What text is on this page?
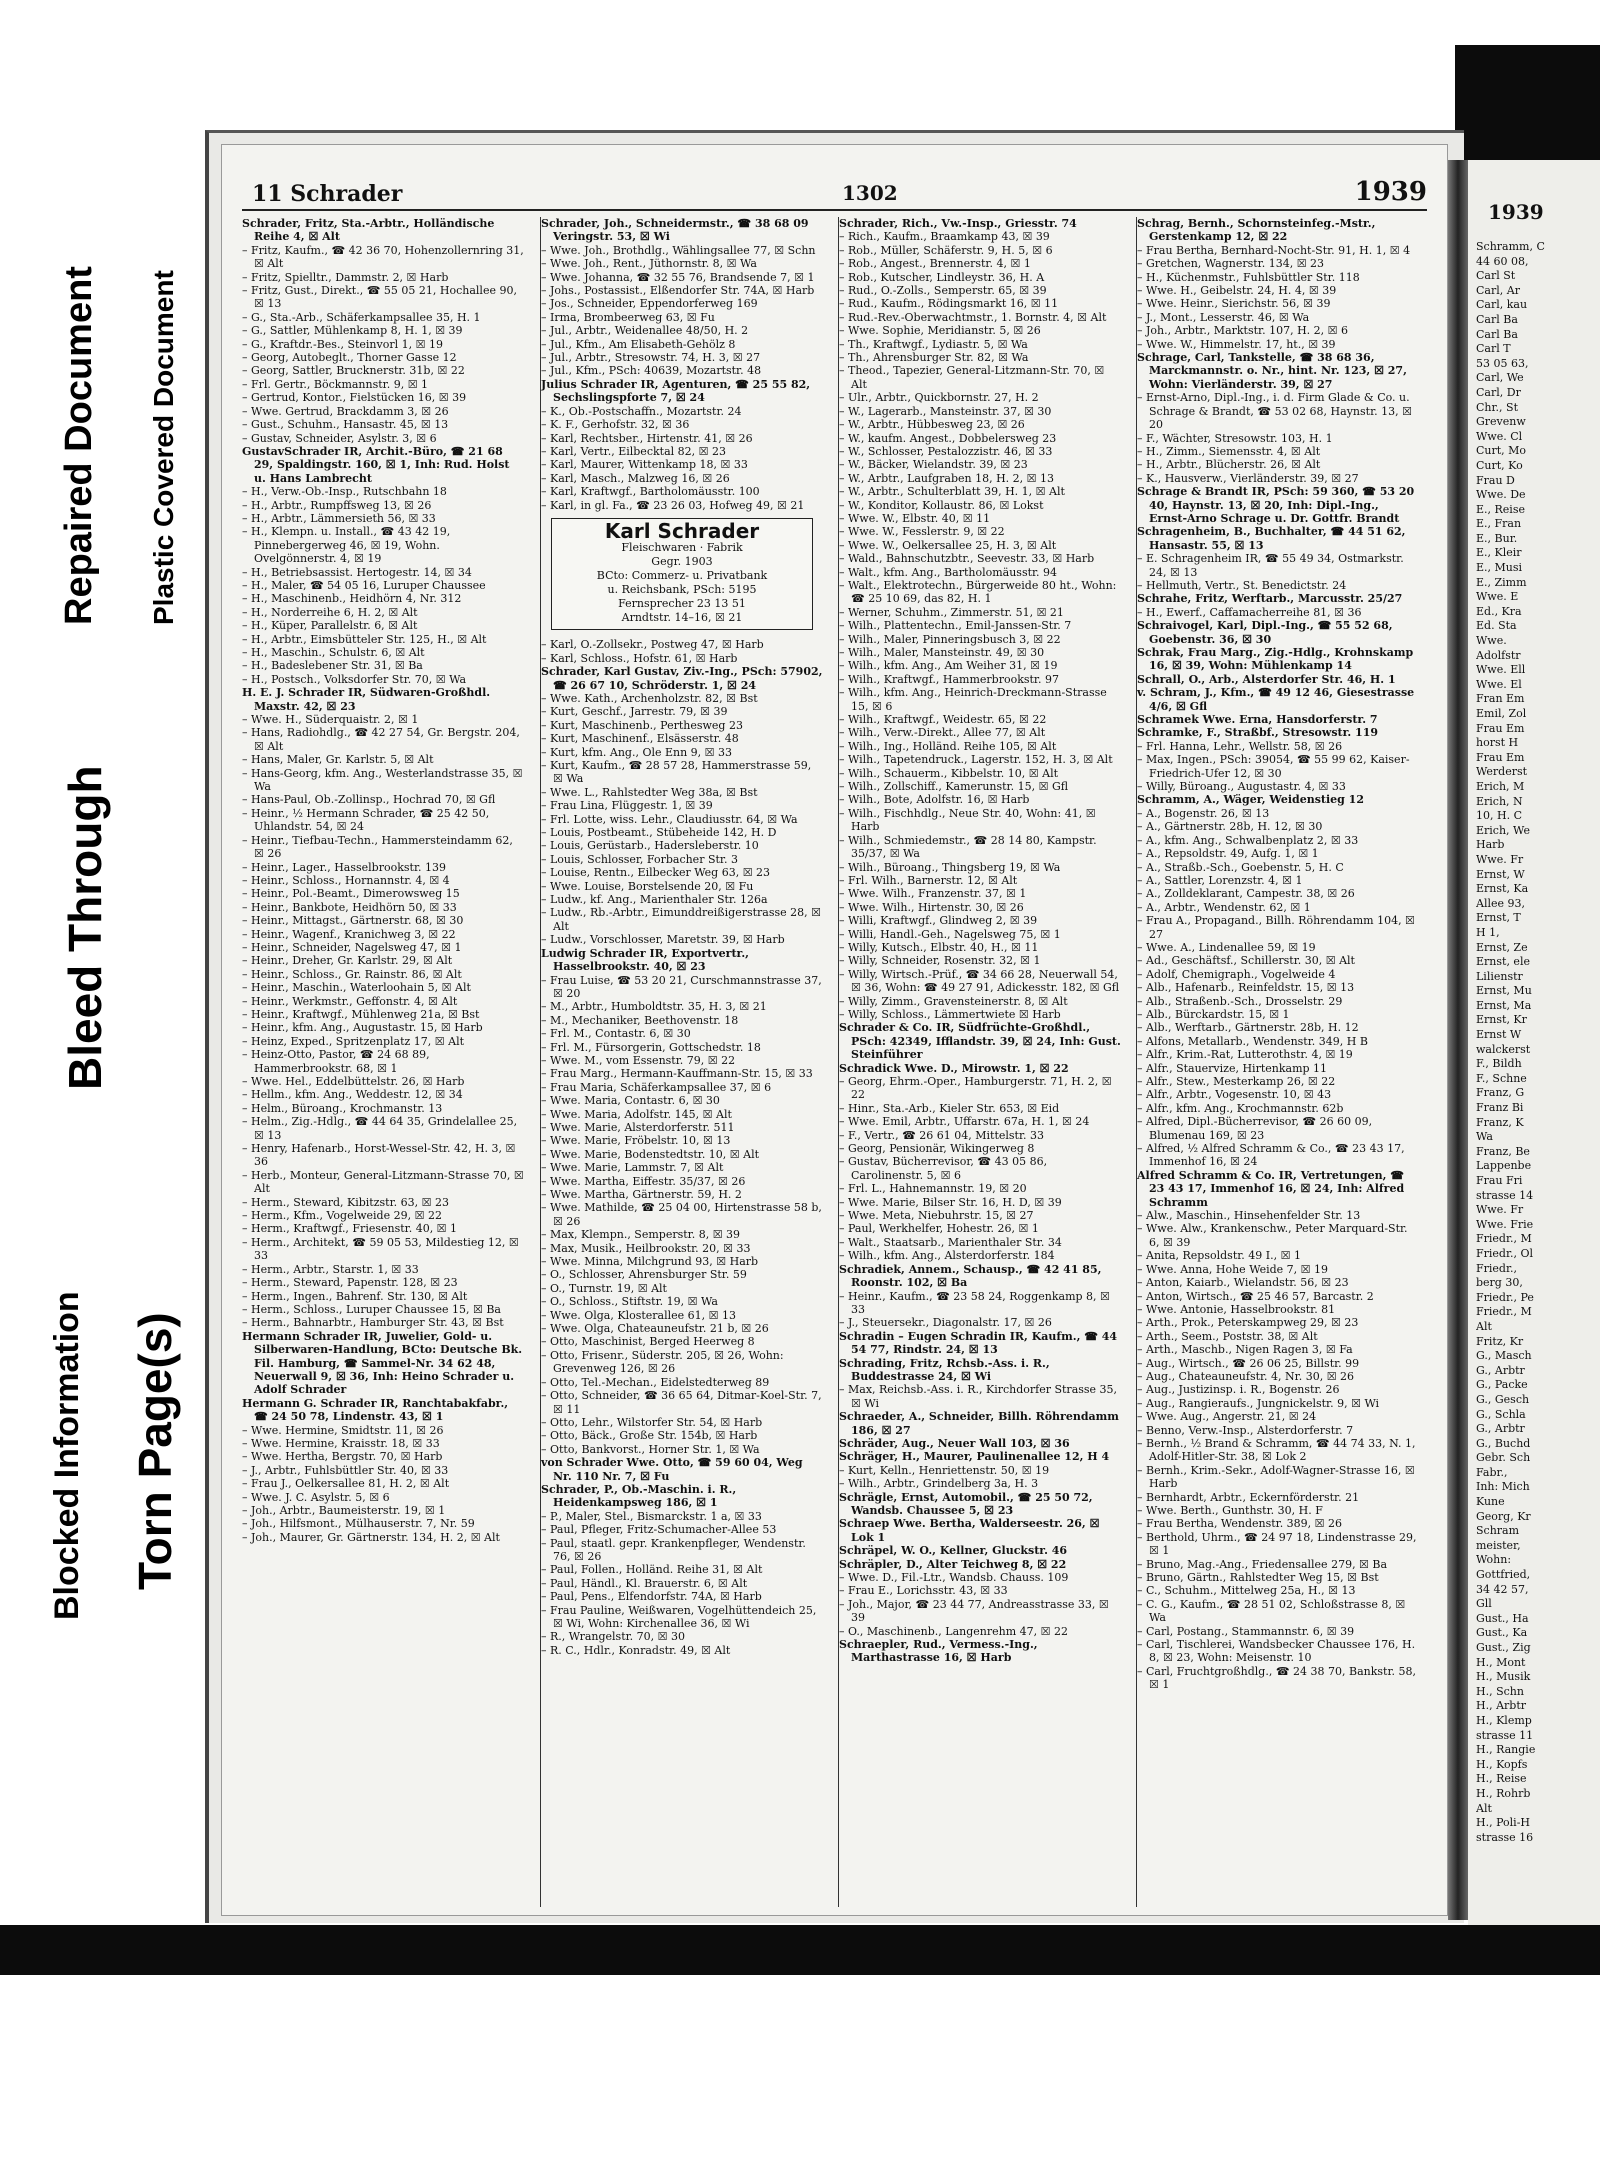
Bleed Through
Repaired Document Plastic Covered Document
Blocked Information Torn Page(s)
11 Schrader	1302	1939

Schrader, Fritz, Sta.-Arbtr., Holländische Reihe 4, ☒ Alt

– Fritz, Kaufm., ☎ 42 36 70, Hohenzollernring 31, ☒ Alt

– Fritz, Spielltr., Dammstr. 2, ☒ Harb

– Fritz, Gust., Direkt., ☎ 55 05 21, Hochallee 90, ☒ 13

– G., Sta.-Arb., Schäferkampsallee 35, H. 1

– G., Sattler, Mühlenkamp 8, H. 1, ☒ 39

– G., Kraftdr.-Bes., Steinvorl 1, ☒ 19

– Georg, Autobeglt., Thorner Gasse 12

– Georg, Sattler, Brucknerstr. 31b, ☒ 22

– Frl. Gertr., Böckmannstr. 9, ☒ 1

– Gertrud, Kontor., Fielstücken 16, ☒ 39

– Wwe. Gertrud, Brackdamm 3, ☒ 26

– Gust., Schuhm., Hansastr. 45, ☒ 13

– Gustav, Schneider, Asylstr. 3, ☒ 6

GustavSchrader IR, Archit.-Büro, ☎ 21 68 29, Spaldingstr. 160, ☒ 1, Inh: Rud. Holst u. Hans Lambrecht

– H., Verw.-Ob.-Insp., Rutschbahn 18

– H., Arbtr., Rumpffsweg 13, ☒ 26

– H., Arbtr., Lämmersieth 56, ☒ 33

– H., Klempn. u. Install., ☎ 43 42 19, Pinnebergerweg 46, ☒ 19, Wohn. Ovelgönnerstr. 4, ☒ 19

– H., Betriebsassist. Hertogestr. 14, ☒ 34

– H., Maler, ☎ 54 05 16, Luruper Chaussee

– H., Maschinenb., Heidhörn 4, Nr. 312

– H., Norderreihe 6, H. 2, ☒ Alt

– H., Küper, Parallelstr. 6, ☒ Alt

– H., Arbtr., Eimsbütteler Str. 125, H., ☒ Alt

– H., Maschin., Schulstr. 6, ☒ Alt

– H., Badeslebener Str. 31, ☒ Ba

– H., Postsch., Volksdorfer Str. 70, ☒ Wa

H. E. J. Schrader IR, Südwaren-Großhdl. Maxstr. 42, ☒ 23

– Wwe. H., Süderquaistr. 2, ☒ 1

– Hans, Radiohdlg., ☎ 42 27 54, Gr. Bergstr. 204, ☒ Alt

– Hans, Maler, Gr. Karlstr. 5, ☒ Alt

– Hans-Georg, kfm. Ang., Westerlandstrasse 35, ☒ Wa

– Hans-Paul, Ob.-Zollinsp., Hochrad 70, ☒ Gfl

– Heinr., ½ Hermann Schrader, ☎ 25 42 50, Uhlandstr. 54, ☒ 24

– Heinr., Tiefbau-Techn., Hammersteindamm 62, ☒ 26

– Heinr., Lager., Hasselbrookstr. 139

– Heinr., Schloss., Hornannstr. 4, ☒ 4

– Heinr., Pol.-Beamt., Dimerowsweg 15

– Heinr., Bankbote, Heidhörn 50, ☒ 33

– Heinr., Mittagst., Gärtnerstr. 68, ☒ 30

– Heinr., Wagenf., Kranichweg 3, ☒ 22

– Heinr., Schneider, Nagelsweg 47, ☒ 1

– Heinr., Dreher, Gr. Karlstr. 29, ☒ Alt

– Heinr., Schloss., Gr. Rainstr. 86, ☒ Alt

– Heinr., Maschin., Waterloohain 5, ☒ Alt

– Heinr., Werkmstr., Geffonstr. 4, ☒ Alt

– Heinr., Kraftwgf., Mühlenweg 21a, ☒ Bst

– Heinr., kfm. Ang., Augustastr. 15, ☒ Harb

– Heinz, Exped., Spritzenplatz 17, ☒ Alt

– Heinz-Otto, Pastor, ☎ 24 68 89, Hammerbrookstr. 68, ☒ 1

– Wwe. Hel., Eddelbüttelstr. 26, ☒ Harb

– Hellm., kfm. Ang., Weddestr. 12, ☒ 34

– Helm., Büroang., Krochmanstr. 13

– Helm., Zig.-Hdlg., ☎ 44 64 35, Grindelallee 25, ☒ 13

– Henry, Hafenarb., Horst-Wessel-Str. 42, H. 3, ☒ 36

– Herb., Monteur, General-Litzmann-Strasse 70, ☒ Alt

– Herm., Steward, Kibitzstr. 63, ☒ 23

– Herm., Kfm., Vogelweide 29, ☒ 22

– Herm., Kraftwgf., Friesenstr. 40, ☒ 1

– Herm., Architekt, ☎ 59 05 53, Mildestieg 12, ☒ 33

– Herm., Arbtr., Starstr. 1, ☒ 33

– Herm., Steward, Papenstr. 128, ☒ 23

– Herm., Ingen., Bahrenf. Str. 130, ☒ Alt

– Herm., Schloss., Luruper Chaussee 15, ☒ Ba

– Herm., Bahnarbtr., Hamburger Str. 43, ☒ Bst

Hermann Schrader IR, Juwelier, Gold- u. Silberwaren-Handlung, BCto: Deutsche Bk. Fil. Hamburg, ☎ Sammel-Nr. 34 62 48, Neuerwall 9, ☒ 36, Inh: Heino Schrader u. Adolf Schrader

Hermann G. Schrader IR, Ranchtabakfabr., ☎ 24 50 78, Lindenstr. 43, ☒ 1

– Wwe. Hermine, Smidtstr. 11, ☒ 26

– Wwe. Hermine, Kraisstr. 18, ☒ 33

– Wwe. Hertha, Bergstr. 70, ☒ Harb

– J., Arbtr., Fuhlsbüttler Str. 40, ☒ 33

– Frau J., Oelkersallee 81, H. 2, ☒ Alt

– Wwe. J. C. Asylstr. 5, ☒ 6

– Joh., Arbtr., Baumeisterstr. 19, ☒ 1

– Joh., Hilfsmont., Mülhauserstr. 7, Nr. 59

– Joh., Maurer, Gr. Gärtnerstr. 134, H. 2, ☒ Alt

Schrader, Joh., Schneidermstr., ☎ 38 68 09 Veringstr. 53, ☒ Wi

– Wwe. Joh., Brothdlg., Wählingsallee 77, ☒ Schn

– Wwe. Joh., Rent., Jüthornstr. 8, ☒ Wa

– Wwe. Johanna, ☎ 32 55 76, Brandsende 7, ☒ 1

– Johs., Postassist., Elßendorfer Str. 74A, ☒ Harb

– Jos., Schneider, Eppendorferweg 169

– Irma, Brombeerweg 63, ☒ Fu

– Jul., Arbtr., Weidenallee 48/50, H. 2

– Jul., Kfm., Am Elisabeth-Gehölz 8

– Jul., Arbtr., Stresowstr. 74, H. 3, ☒ 27

– Jul., Kfm., PSch: 40639, Mozartstr. 48

Julius Schrader IR, Agenturen, ☎ 25 55 82, Sechslingspforte 7, ☒ 24

– K., Ob.-Postschaffn., Mozartstr. 24

– K. F., Gerhofstr. 32, ☒ 36

– Karl, Rechtsber., Hirtenstr. 41, ☒ 26

– Karl, Vertr., Eilbecktal 82, ☒ 23

– Karl, Maurer, Wittenkamp 18, ☒ 33

– Karl, Masch., Malzweg 16, ☒ 26

– Karl, Kraftwgf., Bartholomäusstr. 100

– Karl, in gl. Fa., ☎ 23 26 03, Hofweg 49, ☒ 21

Karl Schrader
Fleischwaren · Fabrik
Gegr. 1903
BCto: Commerz- u. Privatbank
u. Reichsbank, PSch: 5195
Fernsprecher 23 13 51
Arndtstr. 14–16, ☒ 21

– Karl, O.-Zollsekr., Postweg 47, ☒ Harb

– Karl, Schloss., Hofstr. 61, ☒ Harb

Schrader, Karl Gustav, Ziv.-Ing., PSch: 57902, ☎ 26 67 10, Schröderstr. 1, ☒ 24

– Wwe. Kath., Archenholzstr. 82, ☒ Bst

– Kurt, Geschf., Jarrestr. 79, ☒ 39

– Kurt, Maschinenb., Perthesweg 23

– Kurt, Maschinenf., Elsässerstr. 48

– Kurt, kfm. Ang., Ole Enn 9, ☒ 33

– Kurt, Kaufm., ☎ 28 57 28, Hammerstrasse 59, ☒ Wa

– Wwe. L., Rahlstedter Weg 38a, ☒ Bst

– Frau Lina, Flüggestr. 1, ☒ 39

– Frl. Lotte, wiss. Lehr., Claudiusstr. 64, ☒ Wa

– Louis, Postbeamt., Stübeheide 142, H. D

– Louis, Gerüstarb., Hadersleberstr. 10

– Louis, Schlosser, Forbacher Str. 3

– Louise, Rentn., Eilbecker Weg 63, ☒ 23

– Wwe. Louise, Borstelsende 20, ☒ Fu

– Ludw., kf. Ang., Marienthaler Str. 126a

– Ludw., Rb.-Arbtr., Eimunddreißigerstrasse 28, ☒ Alt

– Ludw., Vorschlosser, Maretstr. 39, ☒ Harb

Ludwig Schrader IR, Exportvertr., Hasselbrookstr. 40, ☒ 23

– Frau Luise, ☎ 53 20 21, Curschmannstrasse 37, ☒ 20

– M., Arbtr., Humboldtstr. 35, H. 3, ☒ 21

– M., Mechaniker, Beethovenstr. 18

– Frl. M., Contastr. 6, ☒ 30

– Frl. M., Fürsorgerin, Gottschedstr. 18

– Wwe. M., vom Essenstr. 79, ☒ 22

– Frau Marg., Hermann-Kauffmann-Str. 15, ☒ 33

– Frau Maria, Schäferkampsallee 37, ☒ 6

– Wwe. Maria, Contastr. 6, ☒ 30

– Wwe. Maria, Adolfstr. 145, ☒ Alt

– Wwe. Marie, Alsterdorferstr. 511

– Wwe. Marie, Fröbelstr. 10, ☒ 13

– Wwe. Marie, Bodenstedtstr. 10, ☒ Alt

– Wwe. Marie, Lammstr. 7, ☒ Alt

– Wwe. Martha, Eiffestr. 35/37, ☒ 26

– Wwe. Martha, Gärtnerstr. 59, H. 2

– Wwe. Mathilde, ☎ 25 04 00, Hirtenstrasse 58 b, ☒ 26

– Max, Klempn., Semperstr. 8, ☒ 39

– Max, Musik., Heilbrookstr. 20, ☒ 33

– Wwe. Minna, Milchgrund 93, ☒ Harb

– O., Schlosser, Ahrensburger Str. 59

– O., Turnstr. 19, ☒ Alt

– O., Schloss., Stiftstr. 19, ☒ Wa

– Wwe. Olga, Klosterallee 61, ☒ 13

– Wwe. Olga, Chateauneufstr. 21 b, ☒ 26

– Otto, Maschinist, Berged Heerweg 8

– Otto, Frisenr., Süderstr. 205, ☒ 26, Wohn: Grevenweg 126, ☒ 26

– Otto, Tel.-Mechan., Eidelstedterweg 89

– Otto, Schneider, ☎ 36 65 64, Ditmar-Koel-Str. 7, ☒ 11

– Otto, Lehr., Wilstorfer Str. 54, ☒ Harb

– Otto, Bäck., Große Str. 154b, ☒ Harb

– Otto, Bankvorst., Horner Str. 1, ☒ Wa

von Schrader Wwe. Otto, ☎ 59 60 04, Weg Nr. 110 Nr. 7, ☒ Fu

Schrader, P., Ob.-Maschin. i. R., Heidenkampsweg 186, ☒ 1

– P., Maler, Stel., Bismarckstr. 1 a, ☒ 33

– Paul, Pfleger, Fritz-Schumacher-Allee 53

– Paul, staatl. gepr. Krankenpfleger, Wendenstr. 76, ☒ 26

– Paul, Follen., Holländ. Reihe 31, ☒ Alt

– Paul, Händl., Kl. Brauerstr. 6, ☒ Alt

– Paul, Pens., Elfendorfstr. 74A, ☒ Harb

– Frau Pauline, Weißwaren, Vogelhüttendeich 25, ☒ Wi, Wohn: Kirchenallee 36, ☒ Wi

– R., Wrangelstr. 70, ☒ 30

– R. C., Hdlr., Konradstr. 49, ☒ Alt

Schrader, Rich., Vw.-Insp., Griesstr. 74

– Rich., Kaufm., Braamkamp 43, ☒ 39

– Rob., Müller, Schäferstr. 9, H. 5, ☒ 6

– Rob., Angest., Brennerstr. 4, ☒ 1

– Rob., Kutscher, Lindleystr. 36, H. A

– Rud., O.-Zolls., Semperstr. 65, ☒ 39

– Rud., Kaufm., Rödingsmarkt 16, ☒ 11

– Rud.-Rev.-Oberwachtmstr., 1. Bornstr. 4, ☒ Alt

– Wwe. Sophie, Meridianstr. 5, ☒ 26

– Th., Kraftwgf., Lydiastr. 5, ☒ Wa

– Th., Ahrensburger Str. 82, ☒ Wa

– Theod., Tapezier, General-Litzmann-Str. 70, ☒ Alt

– Ulr., Arbtr., Quickbornstr. 27, H. 2

– W., Lagerarb., Mansteinstr. 37, ☒ 30

– W., Arbtr., Hübbesweg 23, ☒ 26

– W., kaufm. Angest., Dobbelersweg 23

– W., Schlosser, Pestalozzistr. 46, ☒ 33

– W., Bäcker, Wielandstr. 39, ☒ 23

– W., Arbtr., Laufgraben 18, H. 2, ☒ 13

– W., Arbtr., Schulterblatt 39, H. 1, ☒ Alt

– W., Konditor, Kollaustr. 86, ☒ Lokst

– Wwe. W., Elbstr. 40, ☒ 11

– Wwe. W., Fesslerstr. 9, ☒ 22

– Wwe. W., Oelkersallee 25, H. 3, ☒ Alt

– Wald., Bahnschutzbtr., Seevestr. 33, ☒ Harb

– Walt., kfm. Ang., Bartholomäusstr. 94

– Walt., Elektrotechn., Bürgerweide 80 ht., Wohn: ☎ 25 10 69, das 82, H. 1

– Werner, Schuhm., Zimmerstr. 51, ☒ 21

– Wilh., Plattentechn., Emil-Janssen-Str. 7

– Wilh., Maler, Pinneringsbusch 3, ☒ 22

– Wilh., Maler, Mansteinstr. 49, ☒ 30

– Wilh., kfm. Ang., Am Weiher 31, ☒ 19

– Wilh., Kraftwgf., Hammerbrookstr. 97

– Wilh., kfm. Ang., Heinrich-Dreckmann-Strasse 15, ☒ 6

– Wilh., Kraftwgf., Weidestr. 65, ☒ 22

– Wilh., Verw.-Direkt., Allee 77, ☒ Alt

– Wilh., Ing., Holländ. Reihe 105, ☒ Alt

– Wilh., Tapetendruck., Lagerstr. 152, H. 3, ☒ Alt

– Wilh., Schauerm., Kibbelstr. 10, ☒ Alt

– Wilh., Zollschiff., Kamerunstr. 15, ☒ Gfl

– Wilh., Bote, Adolfstr. 16, ☒ Harb

– Wilh., Fischhdlg., Neue Str. 40, Wohn: 41, ☒ Harb

– Wilh., Schmiedemstr., ☎ 28 14 80, Kampstr. 35/37, ☒ Wa

– Wilh., Büroang., Thingsberg 19, ☒ Wa

– Frl. Wilh., Barnerstr. 12, ☒ Alt

– Wwe. Wilh., Franzenstr. 37, ☒ 1

– Wwe. Wilh., Hirtenstr. 30, ☒ 26

– Willi, Kraftwgf., Glindweg 2, ☒ 39

– Willi, Handl.-Geh., Nagelsweg 75, ☒ 1

– Willy, Kutsch., Elbstr. 40, H., ☒ 11

– Willy, Schneider, Rosenstr. 32, ☒ 1

– Willy, Wirtsch.-Prüf., ☎ 34 66 28, Neuerwall 54, ☒ 36, Wohn: ☎ 49 27 91, Adickesstr. 182, ☒ Gfl

– Willy, Zimm., Gravensteinerstr. 8, ☒ Alt

– Willy, Schloss., Lämmertwiete ☒ Harb

Schrader & Co. IR, Südfrüchte-Großhdl., PSch: 42349, Ifflandstr. 39, ☒ 24, Inh: Gust. Steinführer

Schradick Wwe. D., Mirowstr. 1, ☒ 22

– Georg, Ehrm.-Oper., Hamburgerstr. 71, H. 2, ☒ 22

– Hinr., Sta.-Arb., Kieler Str. 653, ☒ Eid

– Wwe. Emil, Arbtr., Uffarstr. 67a, H. 1, ☒ 24

– F., Vertr., ☎ 26 61 04, Mittelstr. 33

– Georg, Pensionär, Wikingerweg 8

– Gustav, Bücherrevisor, ☎ 43 05 86, Carolinenstr. 5, ☒ 6

– Frl. L., Hahnemannstr. 19, ☒ 20

– Wwe. Marie, Bilser Str. 16, H. D, ☒ 39

– Wwe. Meta, Niebuhrstr. 15, ☒ 27

– Paul, Werkhelfer, Hohestr. 26, ☒ 1

– Walt., Staatsarb., Marienthaler Str. 34

– Wilh., kfm. Ang., Alsterdorferstr. 184

Schradiek, Annem., Schausp., ☎ 42 41 85, Roonstr. 102, ☒ Ba

– Heinr., Kaufm., ☎ 23 58 24, Roggenkamp 8, ☒ 33

– J., Steuersekr., Diagonalstr. 17, ☒ 26

Schradin – Eugen Schradin IR, Kaufm., ☎ 44 54 77, Rindstr. 24, ☒ 13

Schrading, Fritz, Rchsb.-Ass. i. R., Buddestrasse 24, ☒ Wi

– Max, Reichsb.-Ass. i. R., Kirchdorfer Strasse 35, ☒ Wi

Schraeder, A., Schneider, Billh. Röhrendamm 186, ☒ 27

Schräder, Aug., Neuer Wall 103, ☒ 36

Schräger, H., Maurer, Paulinenallee 12, H 4

– Kurt, Kelln., Henriettenstr. 50, ☒ 19

– Wilh., Arbtr., Grindelberg 3a, H. 3

Schrägle, Ernst, Automobil., ☎ 25 50 72, Wandsb. Chaussee 5, ☒ 23

Schraep Wwe. Bertha, Walderseestr. 26, ☒ Lok 1

Schräpel, W. O., Kellner, Gluckstr. 46

Schräpler, D., Alter Teichweg 8, ☒ 22

– Wwe. D., Fil.-Ltr., Wandsb. Chauss. 109

– Frau E., Lorichsstr. 43, ☒ 33

– Joh., Major, ☎ 23 44 77, Andreasstrasse 33, ☒ 39

– O., Maschinenb., Langenrehm 47, ☒ 22

Schraepler, Rud., Vermess.-Ing., Marthastrasse 16, ☒ Harb

Schrag, Bernh., Schornsteinfeg.-Mstr., Gerstenkamp 12, ☒ 22

– Frau Bertha, Bernhard-Nocht-Str. 91, H. 1, ☒ 4

– Gretchen, Wagnerstr. 134, ☒ 23

– H., Küchenmstr., Fuhlsbüttler Str. 118

– Wwe. H., Geibelstr. 24, H. 4, ☒ 39

– Wwe. Heinr., Sierichstr. 56, ☒ 39

– J., Mont., Lesserstr. 46, ☒ Wa

– Joh., Arbtr., Marktstr. 107, H. 2, ☒ 6

– Wwe. W., Himmelstr. 17, ht., ☒ 39

Schrage, Carl, Tankstelle, ☎ 38 68 36, Marckmannstr. o. Nr., hint. Nr. 123, ☒ 27, Wohn: Vierländerstr. 39, ☒ 27

– Ernst-Arno, Dipl.-Ing., i. d. Firm Glade & Co. u. Schrage & Brandt, ☎ 53 02 68, Haynstr. 13, ☒ 20

– F., Wächter, Stresowstr. 103, H. 1

– H., Zimm., Siemensstr. 4, ☒ Alt

– H., Arbtr., Blücherstr. 26, ☒ Alt

– K., Hausverw., Vierländerstr. 39, ☒ 27

Schrage & Brandt IR, PSch: 59 360, ☎ 53 20 40, Haynstr. 13, ☒ 20, Inh: Dipl.-Ing., Ernst-Arno Schrage u. Dr. Gottfr. Brandt

Schragenheim, B., Buchhalter, ☎ 44 51 62, Hansastr. 55, ☒ 13

– E. Schragenheim IR, ☎ 55 49 34, Ostmarkstr. 24, ☒ 13

– Hellmuth, Vertr., St. Benedictstr. 24

Schrahe, Fritz, Werftarb., Marcusstr. 25/27

– H., Ewerf., Caffamacherreihe 81, ☒ 36

Schraivogel, Karl, Dipl.-Ing., ☎ 55 52 68, Goebenstr. 36, ☒ 30

Schrak, Frau Marg., Zig.-Hdlg., Krohnskamp 16, ☒ 39, Wohn: Mühlenkamp 14

Schrall, O., Arb., Alsterdorfer Str. 46, H. 1

v. Schram, J., Kfm., ☎ 49 12 46, Giesestrasse 4/6, ☒ Gfl

Schramek Wwe. Erna, Hansdorferstr. 7

Schramke, F., Straßbf., Stresowstr. 119

– Frl. Hanna, Lehr., Wellstr. 58, ☒ 26

– Max, Ingen., PSch: 39054, ☎ 55 99 62, Kaiser-Friedrich-Ufer 12, ☒ 30

– Willy, Büroang., Augustastr. 4, ☒ 33

Schramm, A., Wäger, Weidenstieg 12

– A., Bogenstr. 26, ☒ 13

– A., Gärtnerstr. 28b, H. 12, ☒ 30

– A., kfm. Ang., Schwalbenplatz 2, ☒ 33

– A., Repsoldstr. 49, Aufg. 1, ☒ 1

– A., Straßb.-Sch., Goebenstr. 5, H. C

– A., Sattler, Lorenzstr. 4, ☒ 1

– A., Zolldeklarant, Campestr. 38, ☒ 26

– A., Arbtr., Wendenstr. 62, ☒ 1

– Frau A., Propagand., Billh. Röhrendamm 104, ☒ 27

– Wwe. A., Lindenallee 59, ☒ 19

– Ad., Geschäftsf., Schillerstr. 30, ☒ Alt

– Adolf, Chemigraph., Vogelweide 4

– Alb., Hafenarb., Reinfeldstr. 15, ☒ 13

– Alb., Straßenb.-Sch., Drosselstr. 29

– Alb., Bürckardstr. 15, ☒ 1

– Alb., Werftarb., Gärtnerstr. 28b, H. 12

– Alfons, Metallarb., Wendenstr. 349, H B

– Alfr., Krim.-Rat, Lutterothstr. 4, ☒ 19

– Alfr., Stauervize, Hirtenkamp 11

– Alfr., Stew., Mesterkamp 26, ☒ 22

– Alfr., Arbtr., Vogesenstr. 10, ☒ 43

– Alfr., kfm. Ang., Krochmannstr. 62b

– Alfred, Dipl.-Bücherrevisor, ☎ 26 60 09, Blumenau 169, ☒ 23

– Alfred, ½ Alfred Schramm & Co., ☎ 23 43 17, Immenhof 16, ☒ 24

Alfred Schramm & Co. IR, Vertretungen, ☎ 23 43 17, Immenhof 16, ☒ 24, Inh: Alfred Schramm

– Alw., Maschin., Hinsehenfelder Str. 13

– Wwe. Alw., Krankenschw., Peter Marquard-Str. 6, ☒ 39

– Anita, Repsoldstr. 49 I., ☒ 1

– Wwe. Anna, Hohe Weide 7, ☒ 19

– Anton, Kaiarb., Wielandstr. 56, ☒ 23

– Anton, Wirtsch., ☎ 25 46 57, Barcastr. 2

– Wwe. Antonie, Hasselbrookstr. 81

– Arth., Prok., Peterskampweg 29, ☒ 23

– Arth., Seem., Poststr. 38, ☒ Alt

– Arth., Maschb., Nigen Ragen 3, ☒ Fa

– Aug., Wirtsch., ☎ 26 06 25, Billstr. 99

– Aug., Chateauneufstr. 4, Nr. 30, ☒ 26

– Aug., Justizinsp. i. R., Bogenstr. 26

– Aug., Rangieraufs., Jungnickelstr. 9, ☒ Wi

– Wwe. Aug., Angerstr. 21, ☒ 24

– Benno, Verw.-Insp., Alsterdorferstr. 7

– Bernh., ½ Brand & Schramm, ☎ 44 74 33, N. 1, Adolf-Hitler-Str. 38, ☒ Lok 2

– Bernh., Krim.-Sekr., Adolf-Wagner-Strasse 16, ☒ Harb

– Bernhardt, Arbtr., Eckernförderstr. 21

– Wwe. Berth., Gunthstr. 30, H. F

– Frau Bertha, Wendenstr. 389, ☒ 26

– Berthold, Uhrm., ☎ 24 97 18, Lindenstrasse 29, ☒ 1

– Bruno, Mag.-Ang., Friedensallee 279, ☒ Ba

– Bruno, Gärtn., Rahlstedter Weg 15, ☒ Bst

– C., Schuhm., Mittelweg 25a, H., ☒ 13

– C. G., Kaufm., ☎ 28 51 02, Schloßstrasse 8, ☒ Wa

– Carl, Postang., Stammannstr. 6, ☒ 39

– Carl, Tischlerei, Wandsbecker Chaussee 176, H. 8, ☒ 23, Wohn: Meisenstr. 10

– Carl, Fruchtgroßhdlg., ☎ 24 38 70, Bankstr. 58, ☒ 1

1939
Schramm, C
44 60 08,
Carl St
Carl, Ar
Carl, kau
Carl Ba
Carl Ba
Carl T
53 05 63,
Carl, We
Carl, Dr
Chr., St
Grevenw
Wwe. Cl
Curt, Mo
Curt, Ko
Frau D
Wwe. De
E., Reise
E., Fran
E., Bur.
E., Kleir
E., Musi
E., Zimm
Wwe. E
Ed., Kra
Ed. Sta
Wwe.
Adolfstr
Wwe. Ell
Wwe. El
Fran Em
Emil, Zol
Frau Em
horst H
Frau Em
Werderst
Erich, M
Erich, N
10, H. C
Erich, We
Harb
Wwe. Fr
Ernst, W
Ernst, Ka
Allee 93,
Ernst, T
H 1,
Ernst, Ze
Ernst, ele
Lilienstr
Ernst, Mu
Ernst, Ma
Ernst, Kr
Ernst W
walckerst
F., Bildh
F., Schne
Franz, G
Franz Bi
Franz, K
Wa
Franz, Be
Lappenbe
Frau Fri
strasse 14
Wwe. Fr
Wwe. Frie
Friedr., M
Friedr., Ol
Friedr.,
berg 30,
Friedr., Pe
Friedr., M
Alt
Fritz, Kr
G., Masch
G., Arbtr
G., Packe
G., Gesch
G., Schla
G., Arbtr
G., Buchd
Gebr. Sch
Fabr.,
Inh: Mich
Kune
Georg, Kr
Schram
meister,
Wohn:
Gottfried,
34 42 57,
Gll
Gust., Ha
Gust., Ka
Gust., Zig
H., Mont
H., Musik
H., Schn
H., Arbtr
H., Klemp
strasse 11
H., Rangie
H., Kopfs
H., Reise
H., Rohrb
Alt
H., Poli-H
strasse 16
